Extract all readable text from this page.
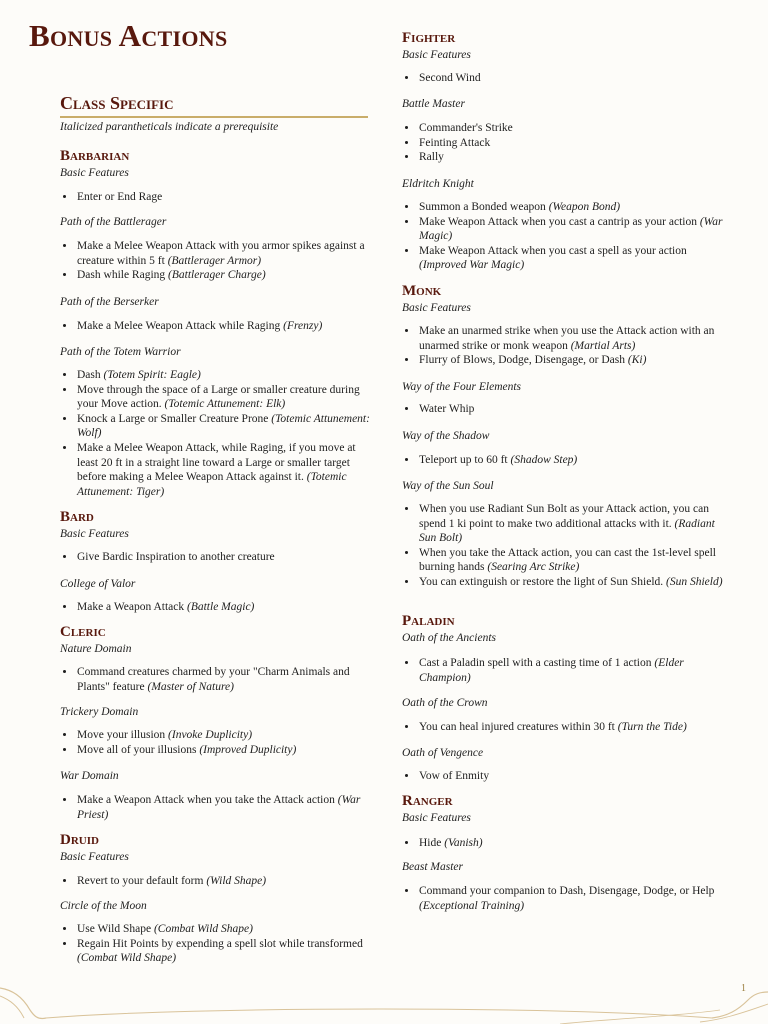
Bonus Actions
Class Specific
Italicized parantheticals indicate a prerequisite
Barbarian
Basic Features
• Enter or End Rage
Path of the Battlerager
• Make a Melee Weapon Attack with you armor spikes against a creature within 5 ft (Battlerager Armor)
• Dash while Raging (Battlerager Charge)
Path of the Berserker
• Make a Melee Weapon Attack while Raging (Frenzy)
Path of the Totem Warrior
• Dash (Totem Spirit: Eagle)
• Move through the space of a Large or smaller creature during your Move action. (Totemic Attunement: Elk)
• Knock a Large or Smaller Creature Prone (Totemic Attunement: Wolf)
• Make a Melee Weapon Attack, while Raging, if you move at least 20 ft in a straight line toward a Large or smaller target before making a Melee Weapon Attack against it. (Totemic Attunement: Tiger)
Bard
Basic Features
• Give Bardic Inspiration to another creature
College of Valor
• Make a Weapon Attack (Battle Magic)
Cleric
Nature Domain
• Command creatures charmed by your "Charm Animals and Plants" feature (Master of Nature)
Trickery Domain
• Move your illusion (Invoke Duplicity)
• Move all of your illusions (Improved Duplicity)
War Domain
• Make a Weapon Attack when you take the Attack action (War Priest)
Druid
Basic Features
• Revert to your default form (Wild Shape)
Circle of the Moon
• Use Wild Shape (Combat Wild Shape)
• Regain Hit Points by expending a spell slot while transformed (Combat Wild Shape)
Fighter
Basic Features
• Second Wind
Battle Master
• Commander's Strike
• Feinting Attack
• Rally
Eldritch Knight
• Summon a Bonded weapon (Weapon Bond)
• Make Weapon Attack when you cast a cantrip as your action (War Magic)
• Make Weapon Attack when you cast a spell as your action (Improved War Magic)
Monk
Basic Features
• Make an unarmed strike when you use the Attack action with an unarmed strike or monk weapon (Martial Arts)
• Flurry of Blows, Dodge, Disengage, or Dash (Ki)
Way of the Four Elements
• Water Whip
Way of the Shadow
• Teleport up to 60 ft (Shadow Step)
Way of the Sun Soul
• When you use Radiant Sun Bolt as your Attack action, you can spend 1 ki point to make two additional attacks with it. (Radiant Sun Bolt)
• When you take the Attack action, you can cast the 1st-level spell burning hands (Searing Arc Strike)
• You can extinguish or restore the light of Sun Shield. (Sun Shield)
Paladin
Oath of the Ancients
• Cast a Paladin spell with a casting time of 1 action (Elder Champion)
Oath of the Crown
• You can heal injured creatures within 30 ft (Turn the Tide)
Oath of Vengence
• Vow of Enmity
Ranger
Basic Features
• Hide (Vanish)
Beast Master
• Command your companion to Dash, Disengage, Dodge, or Help (Exceptional Training)
1
